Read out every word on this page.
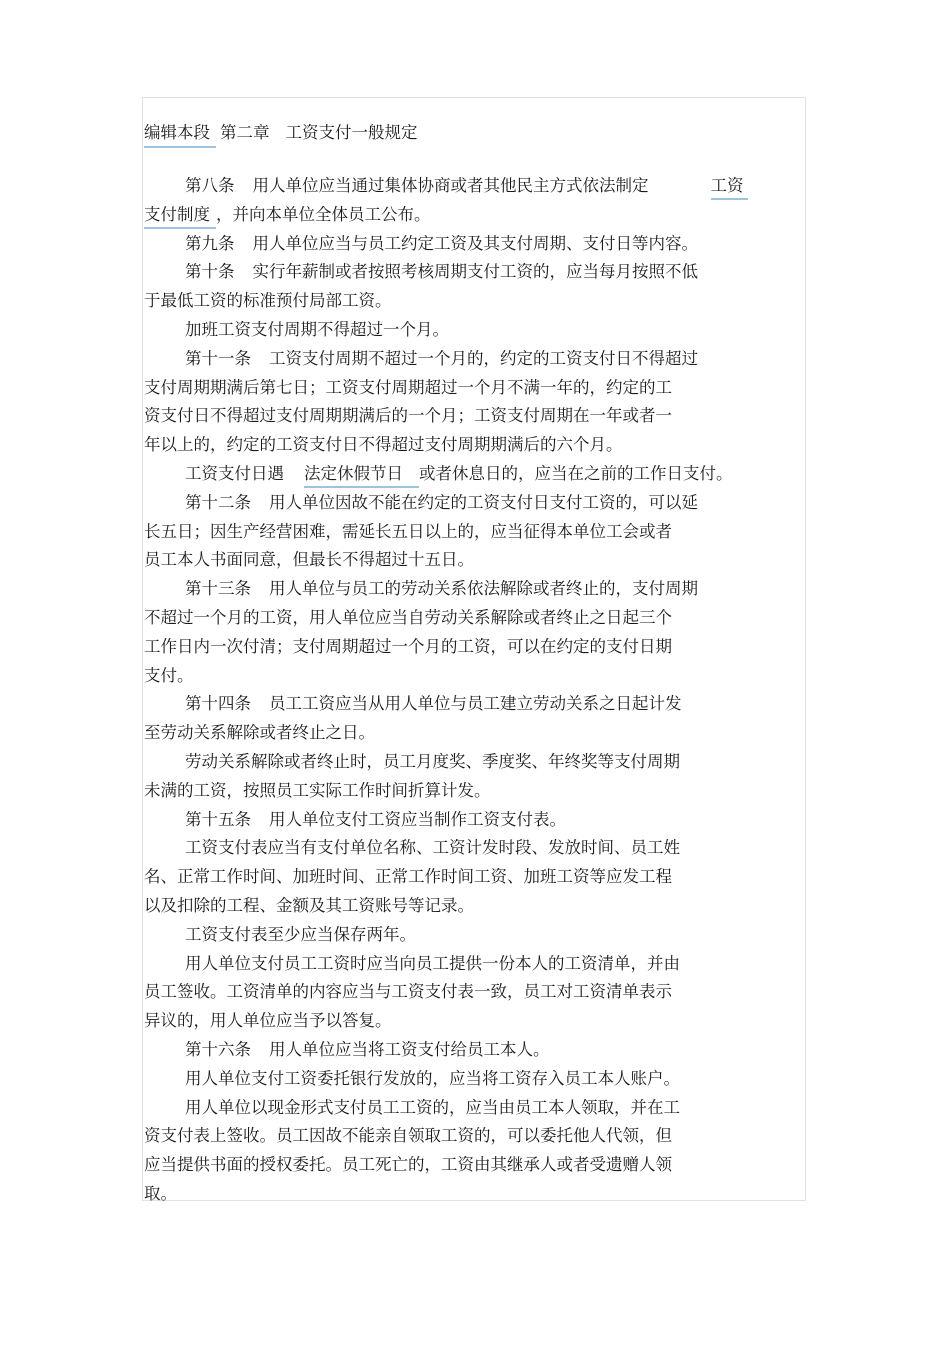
编辑本段 第二章 工资支付一般规定
第八条 用人单位应当通过集体协商或者其他民主方式依法制定	工资
支付制度 ，并向本单位全体员工公布。
第九条 用人单位应当与员工约定工资及其支付周期、支付日等内容。
第十条 实行年薪制或者按照考核周期支付工资的，应当每月按照不低
于最低工资的标准预付局部工资。
加班工资支付周期不得超过一个月。
第十一条 工资支付周期不超过一个月的，约定的工资支付日不得超过
支付周期期满后第七日；工资支付周期超过一个月不满一年的，约定的工
资支付日不得超过支付周期期满后的一个月；工资支付周期在一年或者一
年以上的，约定的工资支付日不得超过支付周期期满后的六个月。
工资支付日遇 法定休假节日 或者休息日的，应当在之前的工作日支付。
第十二条 用人单位因故不能在约定的工资支付日支付工资的，可以延
长五日；因生产经营困难，需延长五日以上的，应当征得本单位工会或者
员工本人书面同意，但最长不得超过十五日。
第十三条 用人单位与员工的劳动关系依法解除或者终止的，支付周期
不超过一个月的工资，用人单位应当自劳动关系解除或者终止之日起三个
工作日内一次付清；支付周期超过一个月的工资，可以在约定的支付日期
支付。
第十四条 员工工资应当从用人单位与员工建立劳动关系之日起计发
至劳动关系解除或者终止之日。
劳动关系解除或者终止时，员工月度奖、季度奖、年终奖等支付周期
未满的工资，按照员工实际工作时间折算计发。
第十五条 用人单位支付工资应当制作工资支付表。
工资支付表应当有支付单位名称、工资计发时段、发放时间、员工姓
名、正常工作时间、加班时间、正常工作时间工资、加班工资等应发工程
以及扣除的工程、金额及其工资账号等记录。
工资支付表至少应当保存两年。
用人单位支付员工工资时应当向员工提供一份本人的工资清单，并由
员工签收。工资清单的内容应当与工资支付表一致，员工对工资清单表示
异议的，用人单位应当予以答复。
第十六条 用人单位应当将工资支付给员工本人。
用人单位支付工资委托银行发放的，应当将工资存入员工本人账户。
用人单位以现金形式支付员工工资的，应当由员工本人领取，并在工
资支付表上签收。员工因故不能亲自领取工资的，可以委托他人代领，但
应当提供书面的授权委托。员工死亡的，工资由其继承人或者受遗赠人领
取。
